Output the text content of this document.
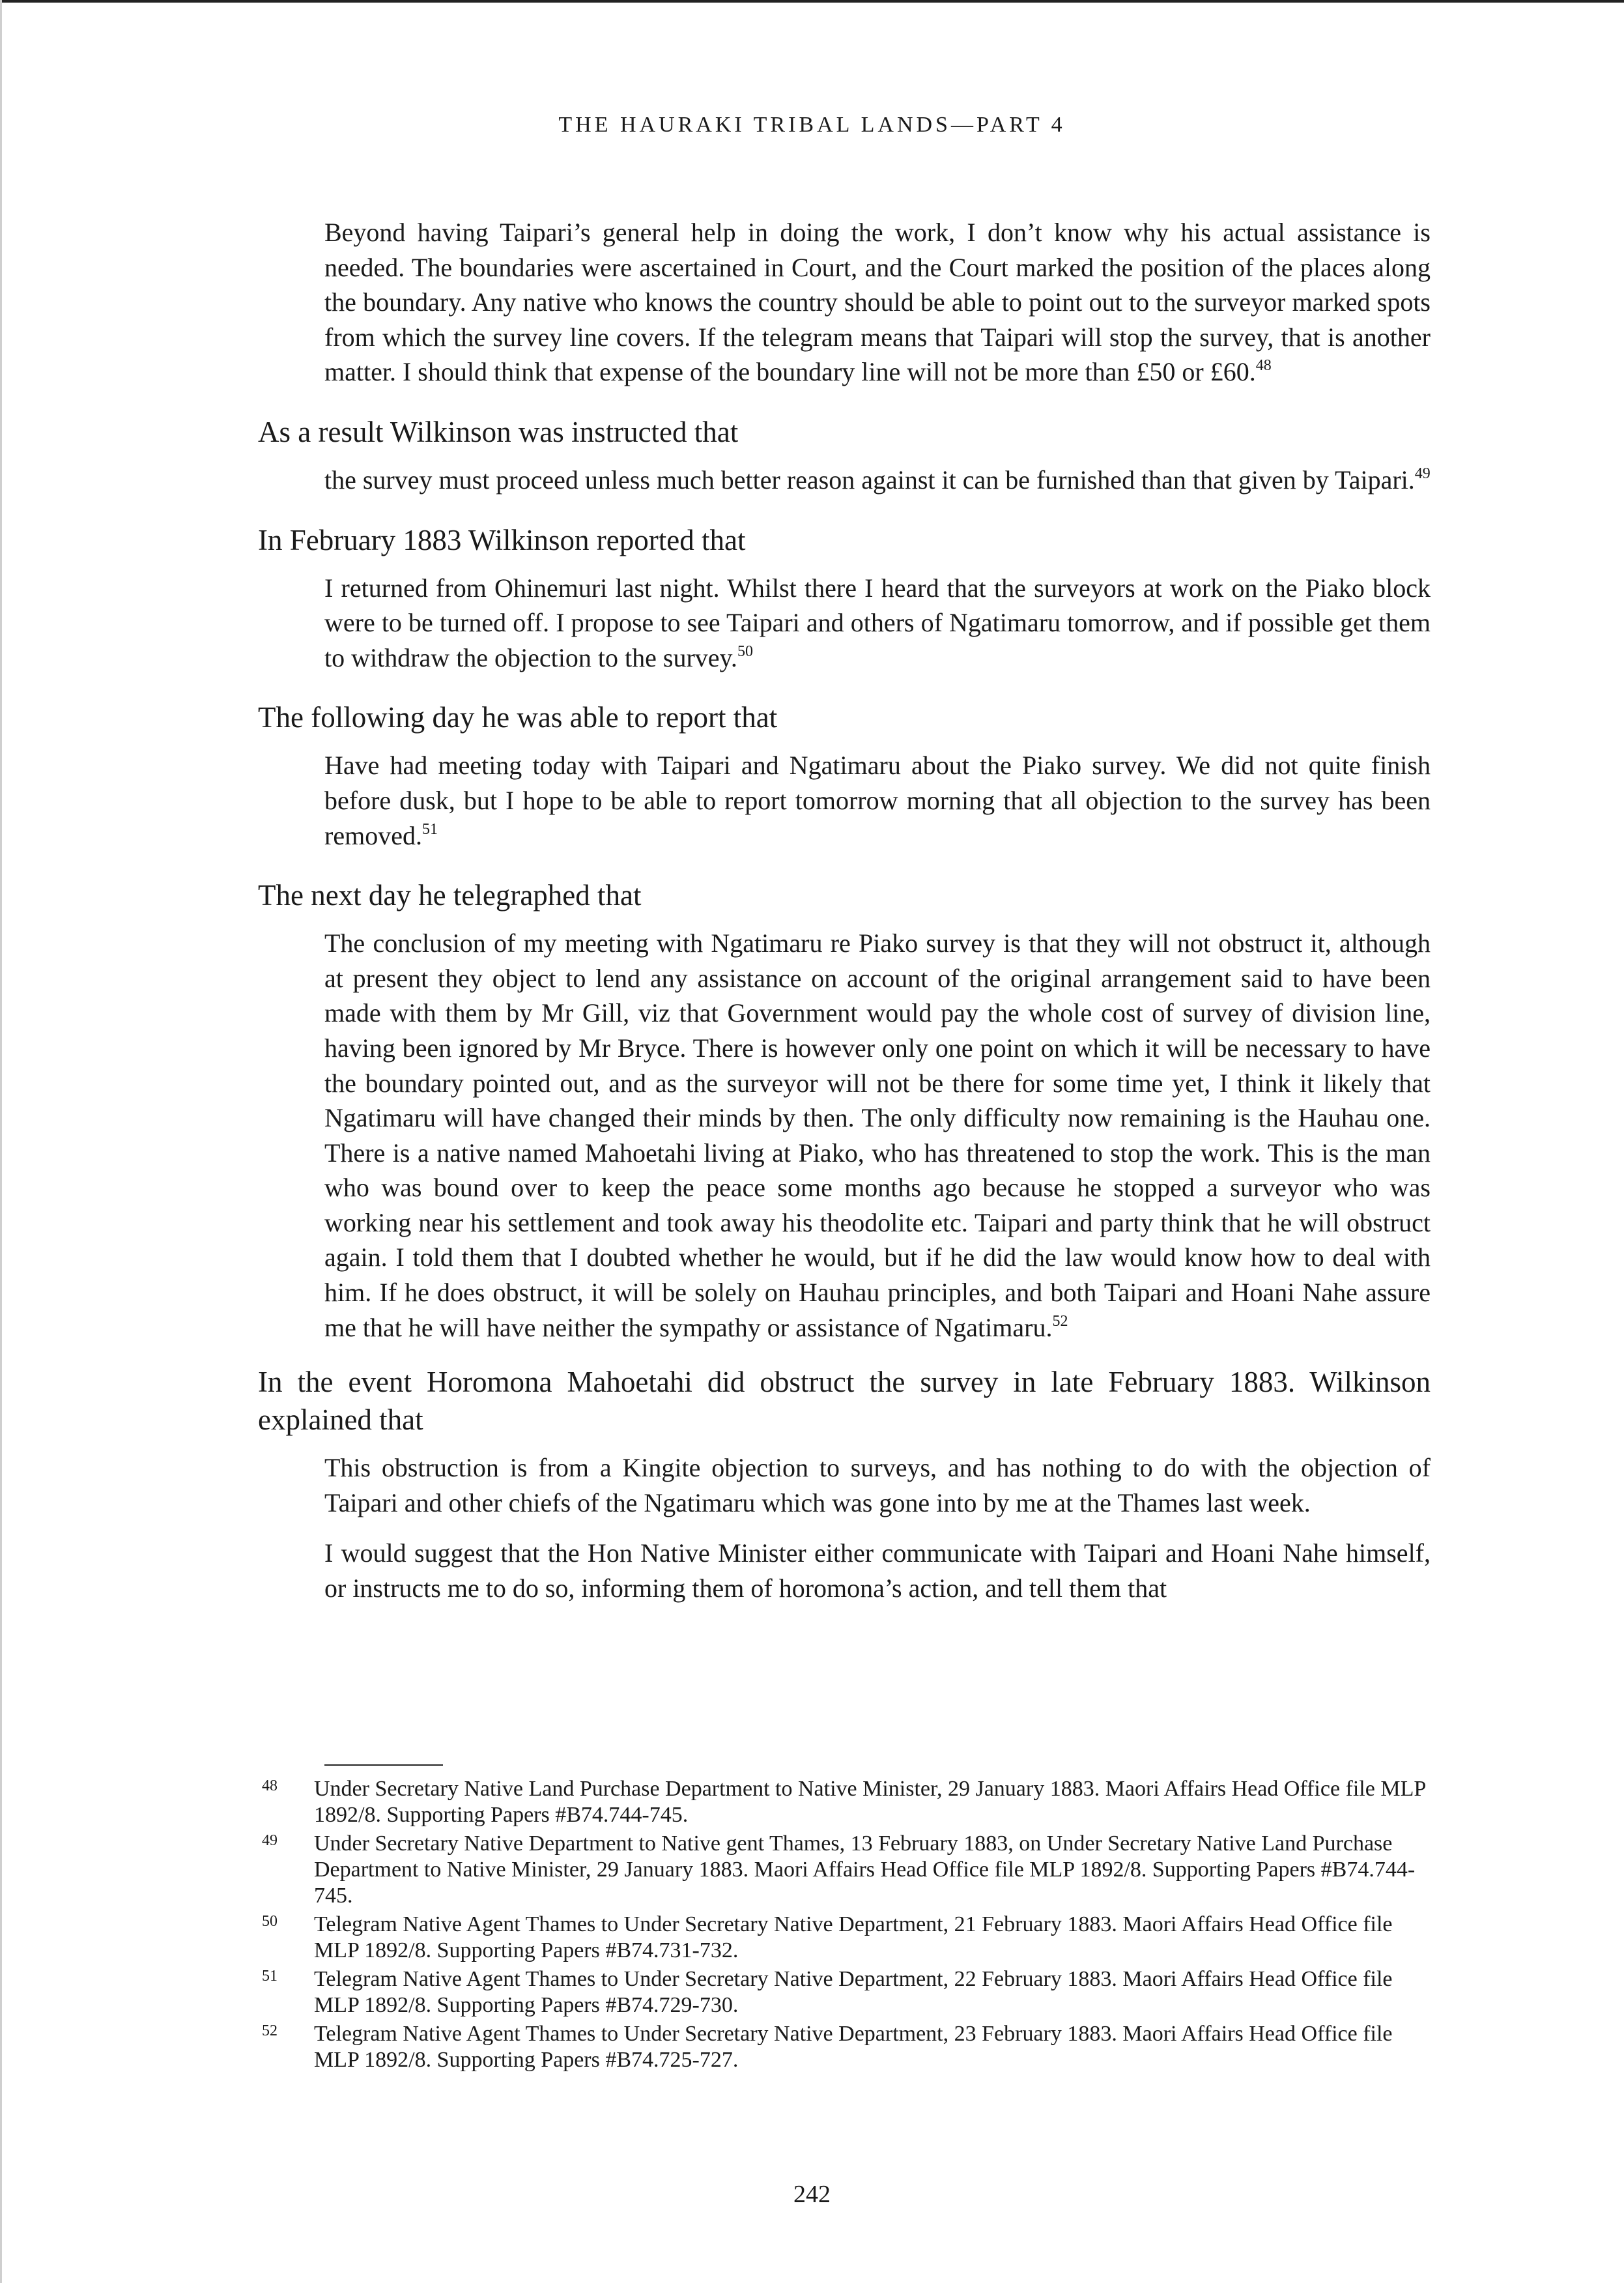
THE HAURAKI TRIBAL LANDS—PART 4
Beyond having Taipari’s general help in doing the work, I don’t know why his actual assistance is needed. The boundaries were ascertained in Court, and the Court marked the position of the places along the boundary. Any native who knows the country should be able to point out to the surveyor marked spots from which the survey line covers. If the telegram means that Taipari will stop the survey, that is another matter. I should think that expense of the boundary line will not be more than £50 or £60.48
As a result Wilkinson was instructed that
the survey must proceed unless much better reason against it can be furnished than that given by Taipari.$^{49}$
In February 1883 Wilkinson reported that
I returned from Ohinemuri last night. Whilst there I heard that the surveyors at work on the Piako block were to be turned off. I propose to see Taipari and others of Ngatimaru tomorrow, and if possible get them to withdraw the objection to the survey.$^{50}$
The following day he was able to report that
Have had meeting today with Taipari and Ngatimaru about the Piako survey. We did not quite finish before dusk, but I hope to be able to report tomorrow morning that all objection to the survey has been removed.$^{51}$
The next day he telegraphed that
The conclusion of my meeting with Ngatimaru re Piako survey is that they will not obstruct it, although at present they object to lend any assistance on account of the original arrangement said to have been made with them by Mr Gill, viz that Government would pay the whole cost of survey of division line, having been ignored by Mr Bryce. There is however only one point on which it will be necessary to have the boundary pointed out, and as the surveyor will not be there for some time yet, I think it likely that Ngatimaru will have changed their minds by then. The only difficulty now remaining is the Hauhau one. There is a native named Mahoetahi living at Piako, who has threatened to stop the work. This is the man who was bound over to keep the peace some months ago because he stopped a surveyor who was working near his settlement and took away his theodolite etc. Taipari and party think that he will obstruct again. I told them that I doubted whether he would, but if he did the law would know how to deal with him. If he does obstruct, it will be solely on Hauhau principles, and both Taipari and Hoani Nahe assure me that he will have neither the sympathy or assistance of Ngatimaru.$^{52}$
In the event Horomona Mahoetahi did obstruct the survey in late February 1883. Wilkinson explained that
This obstruction is from a Kingite objection to surveys, and has nothing to do with the objection of Taipari and other chiefs of the Ngatimaru which was gone into by me at the Thames last week.
I would suggest that the Hon Native Minister either communicate with Taipari and Hoani Nahe himself, or instructs me to do so, informing them of horomona’s action, and tell them that
48	Under Secretary Native Land Purchase Department to Native Minister, 29 January 1883. Maori Affairs Head Office file MLP 1892/8. Supporting Papers #B74.744-745.
49	Under Secretary Native Department to Native gent Thames, 13 February 1883, on Under Secretary Native Land Purchase Department to Native Minister, 29 January 1883. Maori Affairs Head Office file MLP 1892/8. Supporting Papers #B74.744-745.
50	Telegram Native Agent Thames to Under Secretary Native Department, 21 February 1883. Maori Affairs Head Office file MLP 1892/8. Supporting Papers #B74.731-732.
51	Telegram Native Agent Thames to Under Secretary Native Department, 22 February 1883. Maori Affairs Head Office file MLP 1892/8. Supporting Papers #B74.729-730.
52	Telegram Native Agent Thames to Under Secretary Native Department, 23 February 1883. Maori Affairs Head Office file MLP 1892/8. Supporting Papers #B74.725-727.
242
